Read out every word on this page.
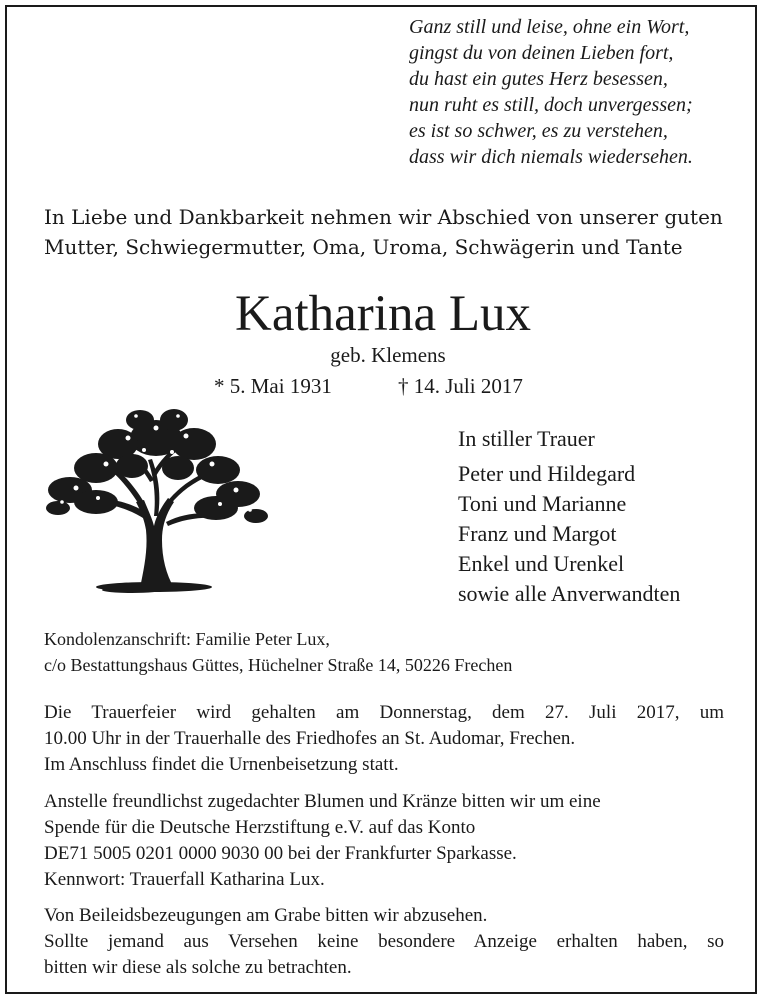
Ganz still und leise, ohne ein Wort,
gingst du von deinen Lieben fort,
du hast ein gutes Herz besessen,
nun ruht es still, doch unvergessen;
es ist so schwer, es zu verstehen,
dass wir dich niemals wiedersehen.
In Liebe und Dankbarkeit nehmen wir Abschied von unserer guten
Mutter, Schwiegermutter, Oma, Uroma, Schwägerin und Tante
Katharina Lux
geb. Klemens
* 5. Mai 1931	† 14. Juli 2017
In stiller Trauer
Peter und Hildegard
Toni und Marianne
Franz und Margot
Enkel und Urenkel
sowie alle Anverwandten
Kondolenzanschrift: Familie Peter Lux,
c/o Bestattungshaus Güttes, Hüchelner Straße 14, 50226 Frechen
Die Trauerfeier wird gehalten am Donnerstag, dem 27. Juli 2017, um
10.00 Uhr in der Trauerhalle des Friedhofes an St. Audomar, Frechen.
Im Anschluss findet die Urnenbeisetzung statt.
Anstelle freundlichst zugedachter Blumen und Kränze bitten wir um eine
Spende für die Deutsche Herzstiftung e.V. auf das Konto
DE71 5005 0201 0000 9030 00 bei der Frankfurter Sparkasse.
Kennwort: Trauerfall Katharina Lux.
Von Beileidsbezeugungen am Grabe bitten wir abzusehen.
Sollte jemand aus Versehen keine besondere Anzeige erhalten haben, so
bitten wir diese als solche zu betrachten.
